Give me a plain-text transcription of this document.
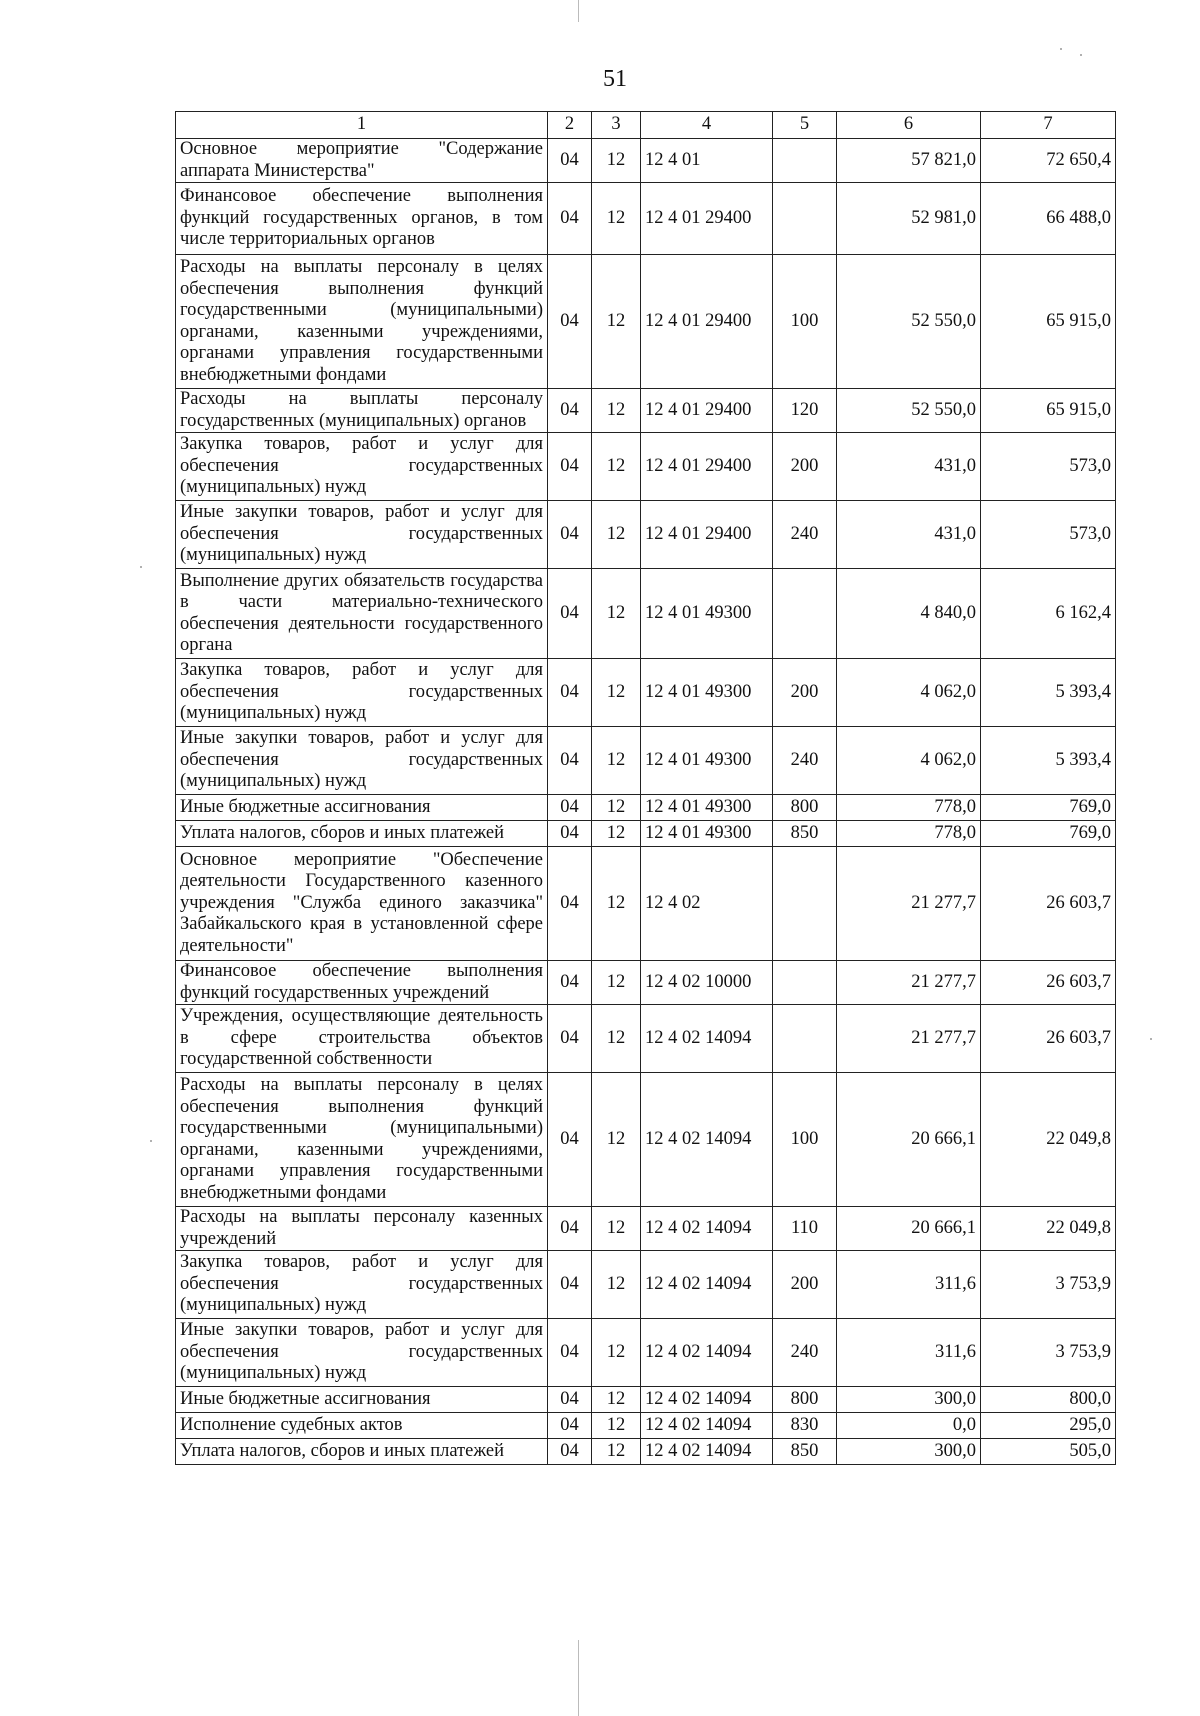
51
1	2	3	4	5	6	7
Основное мероприятие "Содержание аппарата Министерства"	04	12	12 4 01		57 821,0	72 650,4
Финансовое обеспечение выполнения функций государственных органов, в том числе территориальных органов	04	12	12 4 01 29400		52 981,0	66 488,0
Расходы на выплаты персоналу в целях обеспечения выполнения функций государственными (муниципальными) органами, казенными учреждениями, органами управления государственными внебюджетными фондами	04	12	12 4 01 29400	100	52 550,0	65 915,0
Расходы на выплаты персоналу государственных (муниципальных) органов	04	12	12 4 01 29400	120	52 550,0	65 915,0
Закупка товаров, работ и услуг для обеспечения государственных (муниципальных) нужд	04	12	12 4 01 29400	200	431,0	573,0
Иные закупки товаров, работ и услуг для обеспечения государственных (муниципальных) нужд	04	12	12 4 01 29400	240	431,0	573,0
Выполнение других обязательств государства в части материально-технического обеспечения деятельности государственного органа	04	12	12 4 01 49300		4 840,0	6 162,4
Закупка товаров, работ и услуг для обеспечения государственных (муниципальных) нужд	04	12	12 4 01 49300	200	4 062,0	5 393,4
Иные закупки товаров, работ и услуг для обеспечения государственных (муниципальных) нужд	04	12	12 4 01 49300	240	4 062,0	5 393,4
Иные бюджетные ассигнования	04	12	12 4 01 49300	800	778,0	769,0
Уплата налогов, сборов и иных платежей	04	12	12 4 01 49300	850	778,0	769,0
Основное мероприятие "Обеспечение деятельности Государственного казенного учреждения "Служба единого заказчика" Забайкальского края в установленной сфере деятельности"	04	12	12 4 02		21 277,7	26 603,7
Финансовое обеспечение выполнения функций государственных учреждений	04	12	12 4 02 10000		21 277,7	26 603,7
Учреждения, осуществляющие деятельность в сфере строительства объектов государственной собственности	04	12	12 4 02 14094		21 277,7	26 603,7
Расходы на выплаты персоналу в целях обеспечения выполнения функций государственными (муниципальными) органами, казенными учреждениями, органами управления государственными внебюджетными фондами	04	12	12 4 02 14094	100	20 666,1	22 049,8
Расходы на выплаты персоналу казенных учреждений	04	12	12 4 02 14094	110	20 666,1	22 049,8
Закупка товаров, работ и услуг для обеспечения государственных (муниципальных) нужд	04	12	12 4 02 14094	200	311,6	3 753,9
Иные закупки товаров, работ и услуг для обеспечения государственных (муниципальных) нужд	04	12	12 4 02 14094	240	311,6	3 753,9
Иные бюджетные ассигнования	04	12	12 4 02 14094	800	300,0	800,0
Исполнение судебных актов	04	12	12 4 02 14094	830	0,0	295,0
Уплата налогов, сборов и иных платежей	04	12	12 4 02 14094	850	300,0	505,0
